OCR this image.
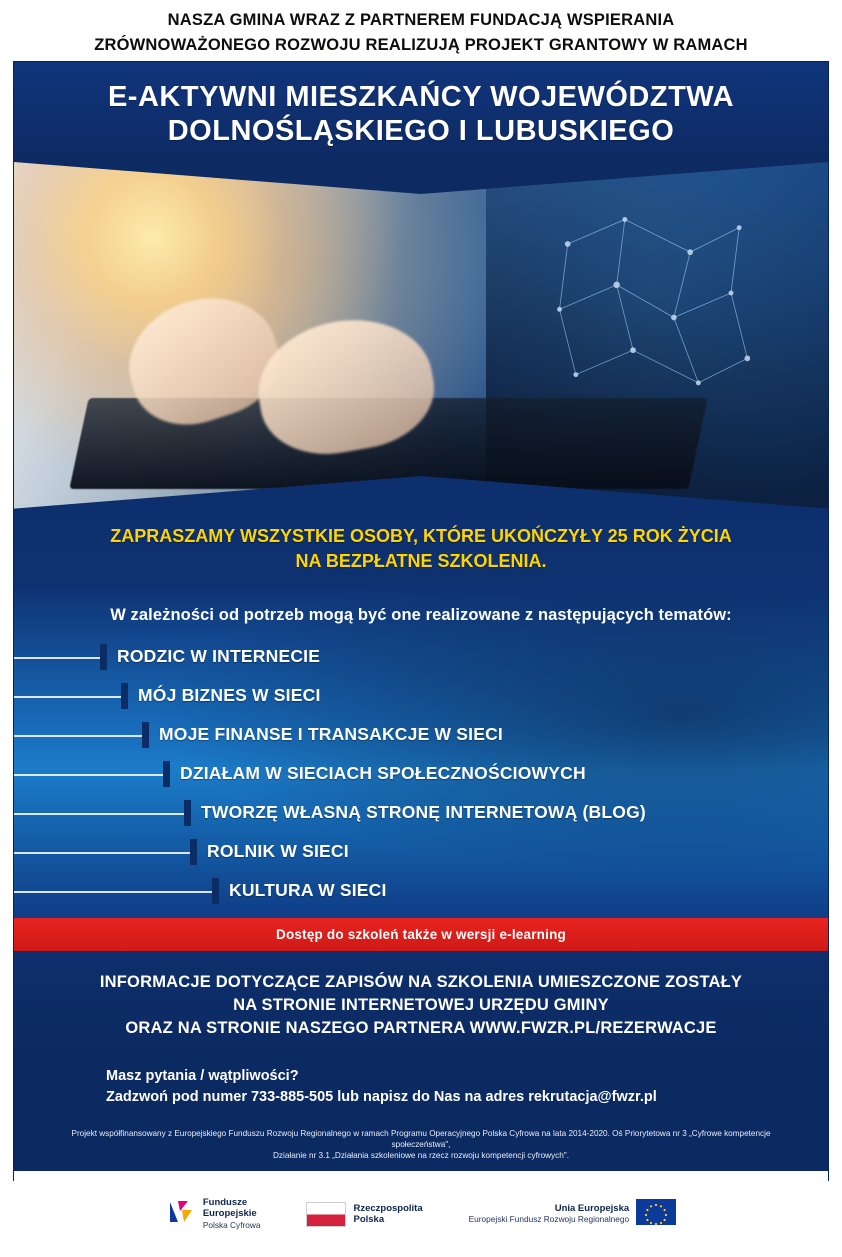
NASZA GMINA WRAZ Z PARTNEREM FUNDACJĄ WSPIERANIA
ZRÓWNOWAŻONEGO ROZWOJU REALIZUJĄ PROJEKT GRANTOWY W RAMACH
E-AKTYWNI MIESZKAŃCY WOJEWÓDZTWA
DOLNOŚLĄSKIEGO I LUBUSKIEGO
ZAPRASZAMY WSZYSTKIE OSOBY, KTÓRE UKOŃCZYŁY 25 ROK ŻYCIA
NA BEZPŁATNE SZKOLENIA.
W zależności od potrzeb mogą być one realizowane z następujących tematów:
RODZIC W INTERNECIE
MÓJ BIZNES W SIECI
MOJE FINANSE I TRANSAKCJE W SIECI
DZIAŁAM W SIECIACH SPOŁECZNOŚCIOWYCH
TWORZĘ WŁASNĄ STRONĘ INTERNETOWĄ (BLOG)
ROLNIK W SIECI
KULTURA W SIECI
Dostęp do szkoleń także w wersji e-learning
INFORMACJE DOTYCZĄCE ZAPISÓW NA SZKOLENIA UMIESZCZONE ZOSTAŁY
NA STRONIE INTERNETOWEJ URZĘDU GMINY
ORAZ NA STRONIE NASZEGO PARTNERA WWW.FWZR.PL/REZERWACJE
Masz pytania / wątpliwości?
Zadzwoń pod numer 733-885-505 lub napisz do Nas na adres rekrutacja@fwzr.pl
Projekt współfinansowany z Europejskiego Funduszu Rozwoju Regionalnego w ramach Programu Operacyjnego Polska Cyfrowa na lata 2014-2020. Oś Priorytetowa nr 3 „Cyfrowe kompetencje społeczeństwa",
Działanie nr 3.1 „Działania szkoleniowe na rzecz rozwoju kompetencji cyfrowych".
Fundusze
Europejskie
Polska Cyfrowa
Rzeczpospolita
Polska
Unia Europejska
Europejski Fundusz Rozwoju Regionalnego
